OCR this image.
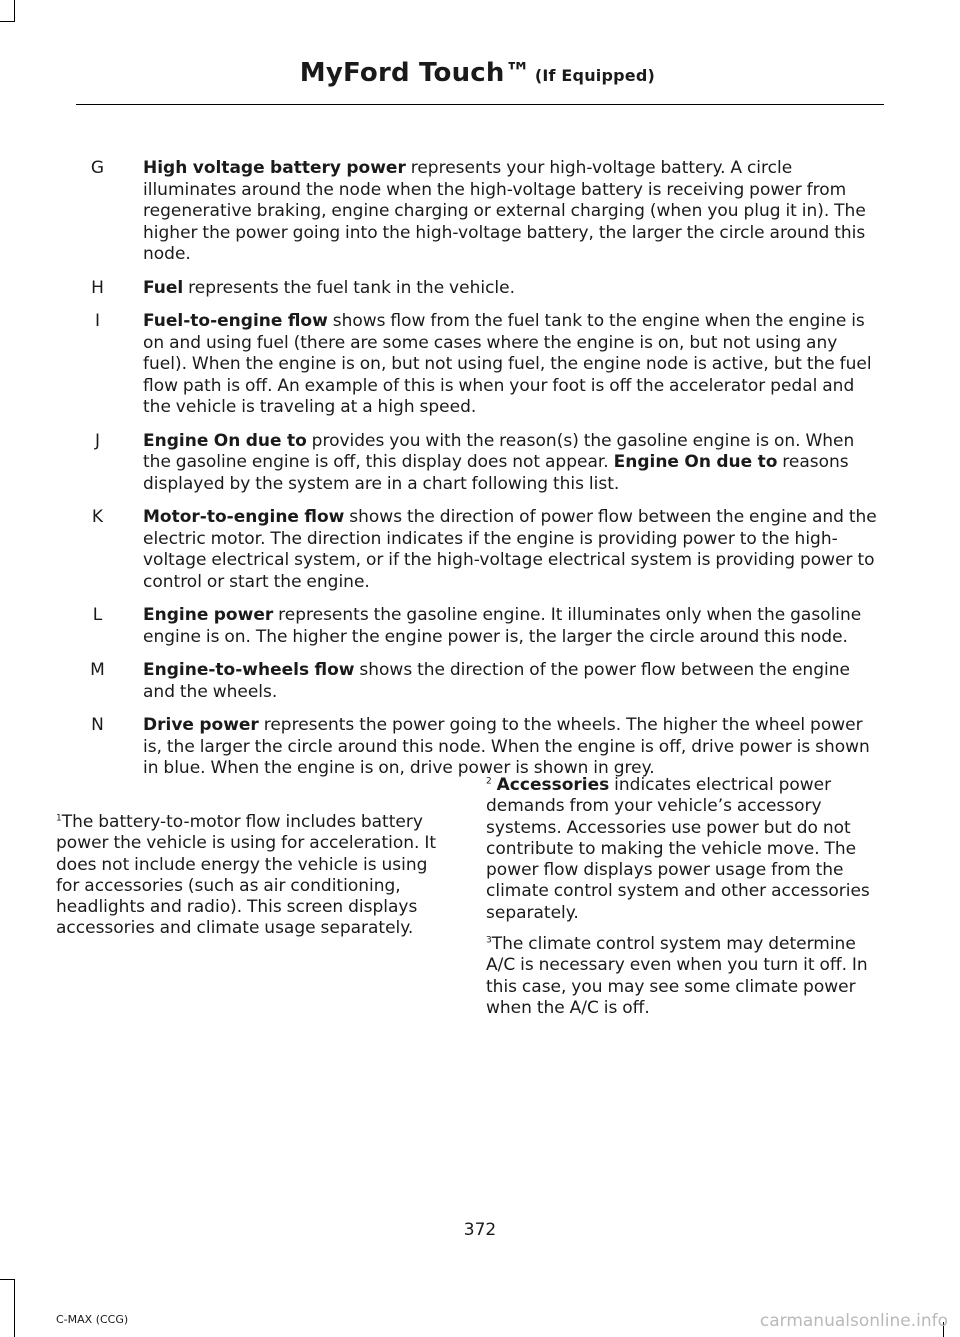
MyFord Touch™ (If Equipped)
G	High voltage battery power represents your high-voltage battery. A circle illuminates around the node when the high-voltage battery is receiving power from regenerative braking, engine charging or external charging (when you plug it in). The higher the power going into the high-voltage battery, the larger the circle around this node.
H	Fuel represents the fuel tank in the vehicle.
I	Fuel-to-engine flow shows flow from the fuel tank to the engine when the engine is on and using fuel (there are some cases where the engine is on, but not using any fuel). When the engine is on, but not using fuel, the engine node is active, but the fuel flow path is off. An example of this is when your foot is off the accelerator pedal and the vehicle is traveling at a high speed.
J	Engine On due to provides you with the reason(s) the gasoline engine is on. When the gasoline engine is off, this display does not appear. Engine On due to reasons displayed by the system are in a chart following this list.
K	Motor-to-engine flow shows the direction of power flow between the engine and the electric motor. The direction indicates if the engine is providing power to the high-voltage electrical system, or if the high-voltage electrical system is providing power to control or start the engine.
L	Engine power represents the gasoline engine. It illuminates only when the gasoline engine is on. The higher the engine power is, the larger the circle around this node.
M	Engine-to-wheels flow shows the direction of the power flow between the engine and the wheels.
N	Drive power represents the power going to the wheels. The higher the wheel power is, the larger the circle around this node. When the engine is off, drive power is shown in blue. When the engine is on, drive power is shown in grey.

$^1$The battery-to-motor flow includes battery power the vehicle is using for acceleration. It does not include energy the vehicle is using for accessories (such as air conditioning, headlights and radio). This screen displays accessories and climate usage separately.

$^2$ Accessories indicates electrical power demands from your vehicle’s accessory systems. Accessories use power but do not contribute to making the vehicle move. The power flow displays power usage from the climate control system and other accessories separately.

$^3$The climate control system may determine A/C is necessary even when you turn it off. In this case, you may see some climate power when the A/C is off.

372
C-MAX (CCG)	carmanualsonline.info
